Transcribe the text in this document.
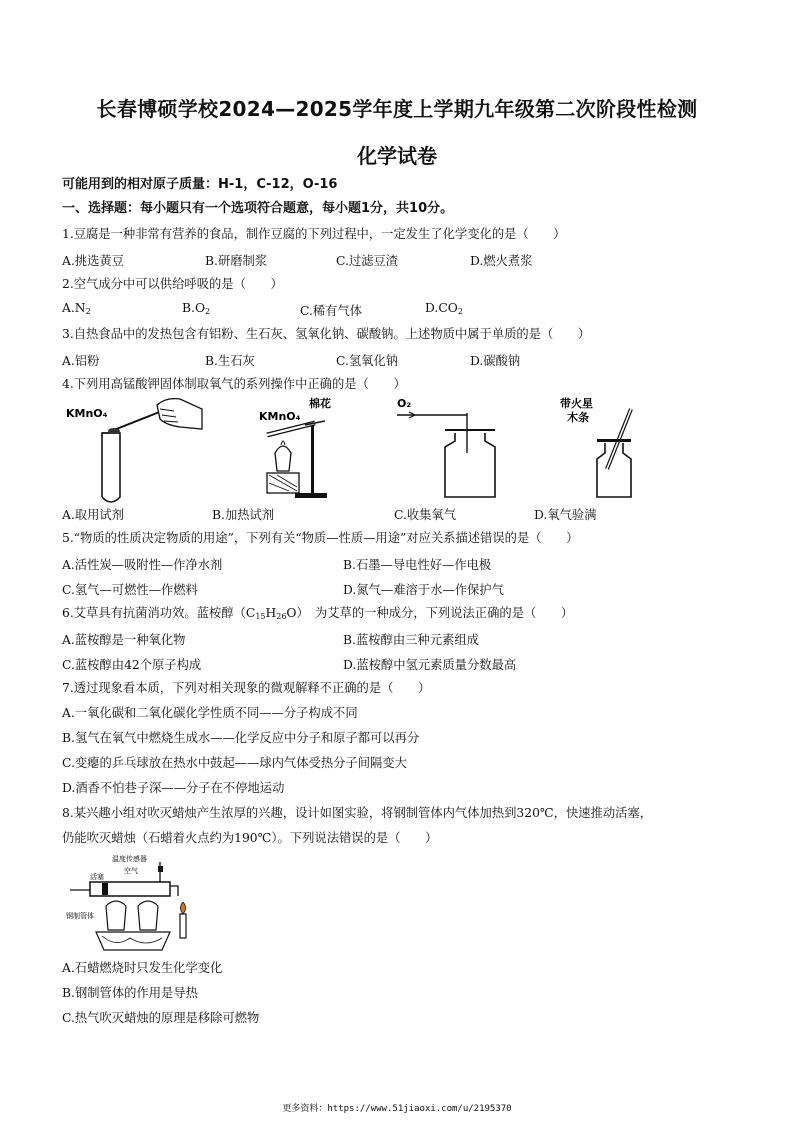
长春博硕学校2024—2025学年度上学期九年级第二次阶段性检测
化学试卷
可能用到的相对原子质量：H-1，C-12，O-16
一、选择题：每小题只有一个选项符合题意，每小题1分，共10分。
1.豆腐是一种非常有营养的食品，制作豆腐的下列过程中，一定发生了化学变化的是（　　）
A.挑选黄豆	B.研磨制浆	C.过滤豆渣	D.燃火煮浆
2.空气成分中可以供给呼吸的是（　　）
$A.N_2$	$B.O_2$	C.稀有气体	$D.CO_2$
3.自热食品中的发热包含有铝粉、生石灰、氢氧化钠、碳酸钠。上述物质中属于单质的是（　　）
A.铝粉	B.生石灰	C.氢氧化钠	D.碳酸钠
4.下列用高锰酸钾固体制取氧气的系列操作中正确的是（　　）
KMnO₄	KMnO₄
棉花	O₂	带火星
木条
A.取用试剂	B.加热试剂	C.收集氧气	D.氧气验满
5.“物质的性质决定物质的用途”，下列有关“物质—性质—用途”对应关系描述错误的是（　　）
A.活性炭—吸附性—作净水剂	B.石墨—导电性好—作电极
C.氢气—可燃性—作燃料	D.氮气—难溶于水—作保护气
6.艾草具有抗菌消功效。蓝桉醇$(C_{15}H_{26}O)$　为艾草的一种成分，下列说法正确的是（　　）
A.蓝桉醇是一种氧化物	B.蓝桉醇由三种元素组成
C.蓝桉醇由42个原子构成	D.蓝桉醇中氢元素质量分数最高
7.透过现象看本质，下列对相关现象的微观解释不正确的是（　　）
A.一氧化碳和二氧化碳化学性质不同——分子构成不同
B.氢气在氧气中燃烧生成水——化学反应中分子和原子都可以再分
C.变瘪的乒乓球放在热水中鼓起——球内气体受热分子间隔变大
D.酒香不怕巷子深——分子在不停地运动
8.某兴趣小组对吹灭蜡烛产生浓厚的兴趣，设计如图实验，将钢制管体内气体加热到320℃，快速推动活塞，
仍能吹灭蜡烛（石蜡着火点约为190℃）。下列说法错误的是（　　）
温度传感器
空气
活塞
钢制管体
A.石蜡燃烧时只发生化学变化
B.钢制管体的作用是导热
C.热气吹灭蜡烛的原理是移除可燃物
更多资料：https://www.51jiaoxi.com/u/2195370
